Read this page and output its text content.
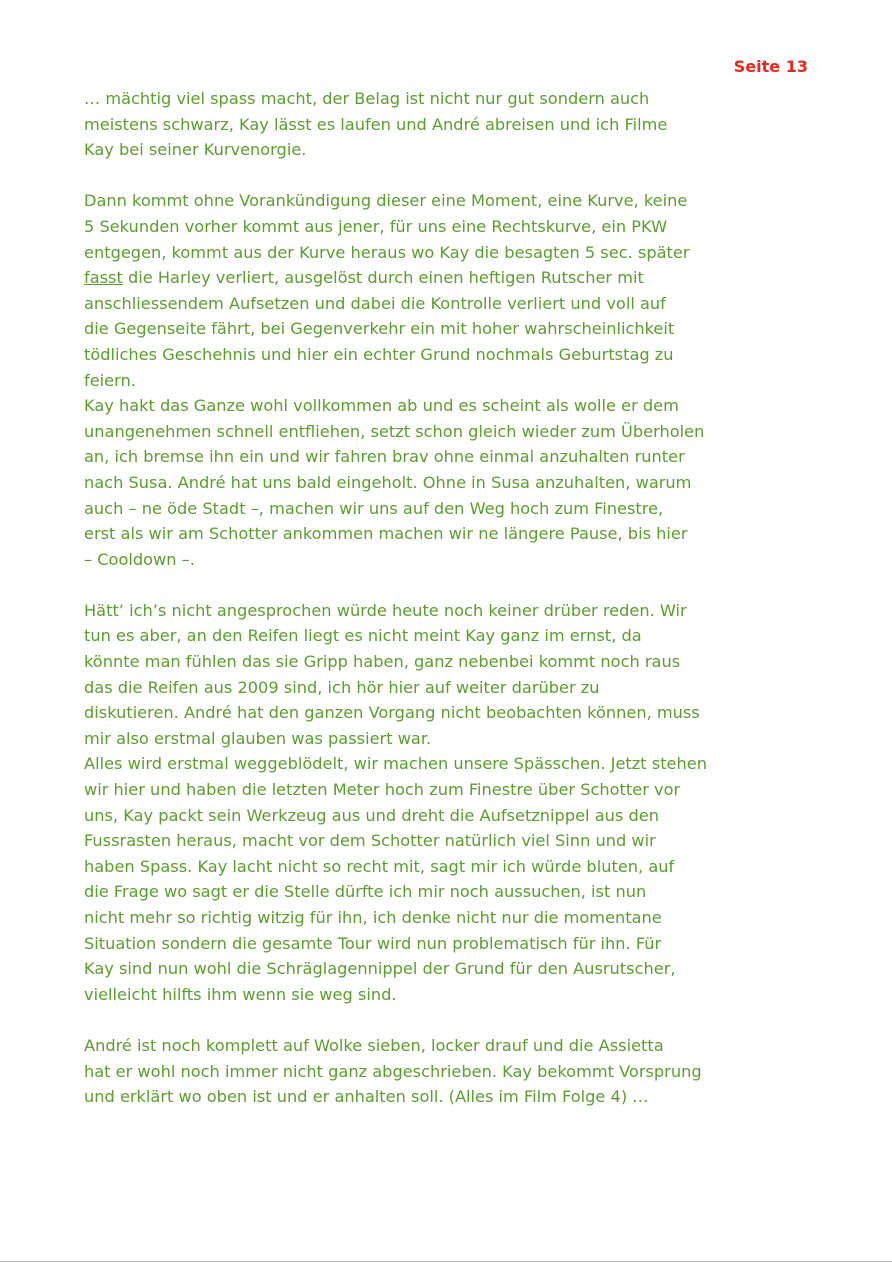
Seite 13

… mächtig viel spass macht, der Belag ist nicht nur gut sondern auch
meistens schwarz, Kay lässt es laufen und André abreisen und ich Filme
Kay bei seiner Kurvenorgie.

Dann kommt ohne Vorankündigung dieser eine Moment, eine Kurve, keine
5 Sekunden vorher kommt aus jener, für uns eine Rechtskurve, ein PKW
entgegen, kommt aus der Kurve heraus wo Kay die besagten 5 sec. später
fasst die Harley verliert, ausgelöst durch einen heftigen Rutscher mit
anschliessendem Aufsetzen und dabei die Kontrolle verliert und voll auf
die Gegenseite fährt, bei Gegenverkehr ein mit hoher wahrscheinlichkeit
tödliches Geschehnis und hier ein echter Grund nochmals Geburtstag zu
feiern.
Kay hakt das Ganze wohl vollkommen ab und es scheint als wolle er dem
unangenehmen schnell entfliehen, setzt schon gleich wieder zum Überholen
an, ich bremse ihn ein und wir fahren brav ohne einmal anzuhalten runter
nach Susa. André hat uns bald eingeholt. Ohne in Susa anzuhalten, warum
auch – ne öde Stadt –, machen wir uns auf den Weg hoch zum Finestre,
erst als wir am Schotter ankommen machen wir ne längere Pause, bis hier
– Cooldown –.

Hätt’ ich’s nicht angesprochen würde heute noch keiner drüber reden. Wir
tun es aber, an den Reifen liegt es nicht meint Kay ganz im ernst, da
könnte man fühlen das sie Gripp haben, ganz nebenbei kommt noch raus
das die Reifen aus 2009 sind, ich hör hier auf weiter darüber zu
diskutieren. André hat den ganzen Vorgang nicht beobachten können, muss
mir also erstmal glauben was passiert war.
Alles wird erstmal weggeblödelt, wir machen unsere Spässchen. Jetzt stehen
wir hier und haben die letzten Meter hoch zum Finestre über Schotter vor
uns, Kay packt sein Werkzeug aus und dreht die Aufsetznippel aus den
Fussrasten heraus, macht vor dem Schotter natürlich viel Sinn und wir
haben Spass. Kay lacht nicht so recht mit, sagt mir ich würde bluten, auf
die Frage wo sagt er die Stelle dürfte ich mir noch aussuchen, ist nun
nicht mehr so richtig witzig für ihn, ich denke nicht nur die momentane
Situation sondern die gesamte Tour wird nun problematisch für ihn. Für
Kay sind nun wohl die Schräglagennippel der Grund für den Ausrutscher,
vielleicht hilfts ihm wenn sie weg sind.

André ist noch komplett auf Wolke sieben, locker drauf und die Assietta
hat er wohl noch immer nicht ganz abgeschrieben. Kay bekommt Vorsprung
und erklärt wo oben ist und er anhalten soll. (Alles im Film Folge 4) …
